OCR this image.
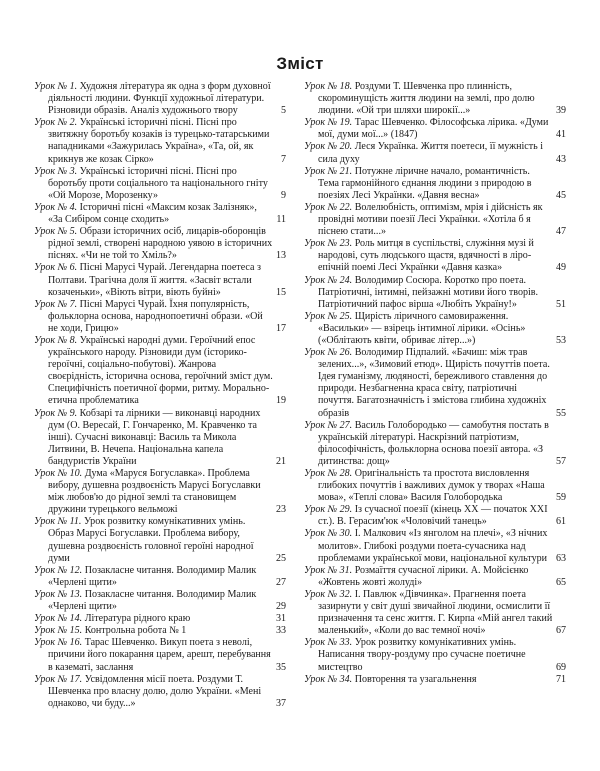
Зміст
Урок № 1. Художня література як одна з форм духовної діяльності людини. Функції художньої літератури. Різновиди образів. Аналіз художнього твору	5
Урок № 2. Українські історичні пісні. Пісні про звитяжну боротьбу козаків із турецько-татарськими нападниками «Зажурилась Україна», «Та, ой, як крикнув же козак Сірко»	7
Урок № 3. Українські історичні пісні. Пісні про боротьбу проти соціального та національного гніту «Ой Морозе, Морозенку»	9
Урок № 4. Історичні пісні «Максим козак Залізняк», «За Сибіром сонце сходить»	11
Урок № 5. Образи історичних осіб, лицарів-оборонців рідної землі, створені народною уявою в історичних піснях. «Чи не той то Хміль?»	13
Урок № 6. Пісні Марусі Чурай. Легендарна поетеса з Полтави. Трагічна доля її життя. «Засвіт встали козаченьки», «Віють вітри, віють буйні»	15
Урок № 7. Пісні Марусі Чурай. Їхня популярність, фольклорна основа, народнопоетичні образи. «Ой не ходи, Грицю»	17
Урок № 8. Українські народні думи. Героїчний епос українського народу. Різновиди дум (історико-героїчні, соціально-побутові). Жанрова своєрідність, історична основа, героїчний зміст дум. Специфічність поетичної форми, ритму. Морально-етична проблематика	19
Урок № 9. Кобзарі та лірники — виконавці народних дум (О. Вересай, Г. Гончаренко, М. Кравченко та інші). Сучасні виконавці: Василь та Микола Литвини, В. Нечепа. Національна капела бандуристів України	21
Урок № 10. Дума «Маруся Богуславка». Проблема вибору, душевна роздвоєність Марусі Богуславки між любов'ю до рідної землі та становищем дружини турецького вельможі	23
Урок № 11. Урок розвитку комунікативних умінь. Образ Марусі Богуславки. Проблема вибору, душевна роздвоєність головної героїні народної думи	25
Урок № 12. Позакласне читання. Володимир Малик «Черлені щити»	27
Урок № 13. Позакласне читання. Володимир Малик «Черлені щити»	29
Урок № 14. Література рідного краю	31
Урок № 15. Контрольна робота № 1	33
Урок № 16. Тарас Шевченко. Викуп поета з неволі, причини його покарання царем, арешт, перебування в казематі, заслання	35
Урок № 17. Усвідомлення місії поета. Роздуми Т. Шевченка про власну долю, долю України. «Мені однаково, чи буду...»	37
Урок № 18. Роздуми Т. Шевченка про плинність, скороминущість життя людини на землі, про долю людини. «Ой три шляхи широкії...»	39
Урок № 19. Тарас Шевченко. Філософська лірика. «Думи мої, думи мої...» (1847)	41
Урок № 20. Леся Українка. Життя поетеси, її мужність і сила духу	43
Урок № 21. Потужне ліричне начало, романтичність. Тема гармонійного єднання людини з природою в поезіях Лесі Українки. «Давня весна»	45
Урок № 22. Волелюбність, оптимізм, мрія і дійсність як провідні мотиви поезії Лесі Українки. «Хотіла б я піснею стати...»	47
Урок № 23. Роль митця в суспільстві, служіння музі й народові, суть людського щастя, вдячності в ліро-епічній поемі Лесі Українки «Давня казка»	49
Урок № 24. Володимир Сосюра. Коротко про поета. Патріотичні, інтимні, пейзажні мотиви його творів. Патріотичний пафос вірша «Любіть Україну!»	51
Урок № 25. Щирість ліричного самовираження. «Васильки» — взірець інтимної лірики. «Осінь» («Облітають квіти, обриває літер...»)	53
Урок № 26. Володимир Підпалий. «Бачиш: між трав зелених...», «Зимовий етюд». Щирість почуттів поета. Ідея гуманізму, людяності, бережливого ставлення до природи. Незбагненна краса світу, патріотичні почуття. Багатозначність і змістова глибина художніх образів	55
Урок № 27. Василь Голобородько — самобутня постать в українській літературі. Наскрізний патріотизм, філософічність, фольклорна основа поезії автора. «З дитинства: дощ»	57
Урок № 28. Оригінальність та простота висловлення глибоких почуттів і важливих думок у творах «Наша мова», «Теплі слова» Василя Голобородька	59
Урок № 29. Із сучасної поезії (кінець XX — початок XXI ст.). В. Герасим'юк «Чоловічий танець»	61
Урок № 30. І. Малкович «Із янголом на плечі», «З нічних молитов». Глибокі роздуми поета-сучасника над проблемами української мови, національної культури 63
Урок № 31. Розмаїття сучасної лірики. А. Мойсієнко «Жовтень жовті жолуді»	65
Урок № 32. І. Павлюк «Дівчинка». Прагнення поета зазирнути у світ душі звичайної людини, осмислити її призначення та сенс життя. Г. Кирпа «Мій ангел такий маленький», «Коли до вас темної ночі»	67
Урок № 33. Урок розвитку комунікативних умінь. Написання твору-роздуму про сучасне поетичне мистецтво	69
Урок № 34. Повторення та узагальнення	71
